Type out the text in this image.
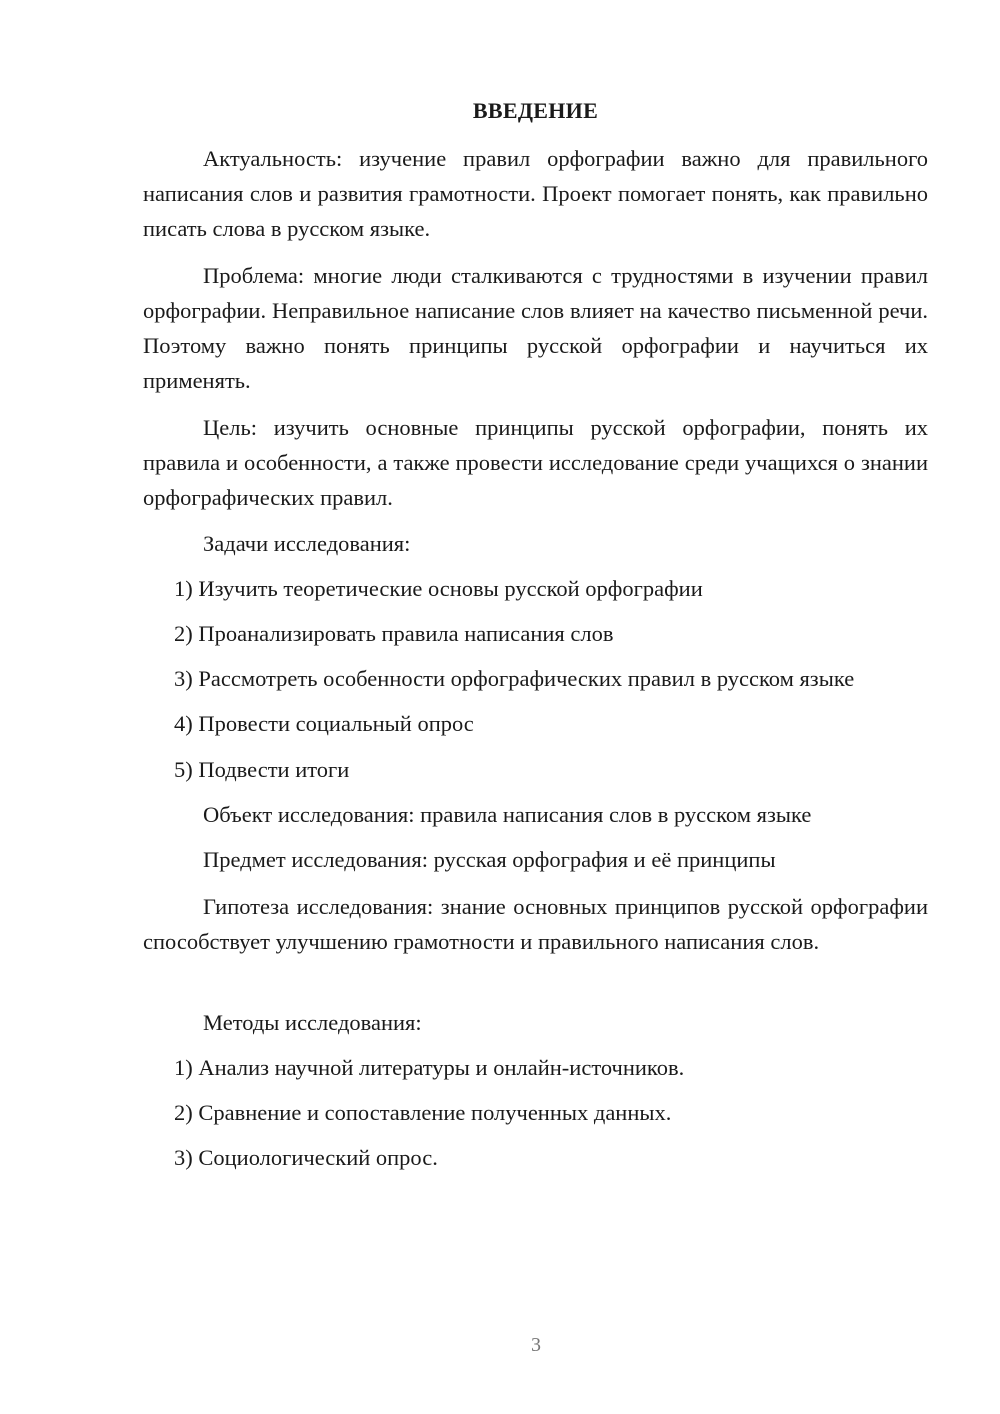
ВВЕДЕНИЕ

Актуальность: изучение правил орфографии важно для правильного написания слов и развития грамотности. Проект помогает понять, как правильно писать слова в русском языке.

Проблема: многие люди сталкиваются с трудностями в изучении правил орфографии. Неправильное написание слов влияет на качество письменной речи. Поэтому важно понять принципы русской орфографии и научиться их применять.

Цель: изучить основные принципы русской орфографии, понять их правила и особенности, а также провести исследование среди учащихся о знании орфографических правил.

Задачи исследования:

1) Изучить теоретические основы русской орфографии

2) Проанализировать правила написания слов

3) Рассмотреть особенности орфографических правил в русском языке

4) Провести социальный опрос

5) Подвести итоги

Объект исследования: правила написания слов в русском языке

Предмет исследования: русская орфография и её принципы

Гипотеза исследования: знание основных принципов русской орфографии способствует улучшению грамотности и правильного написания слов.

Методы исследования:

1) Анализ научной литературы и онлайн-источников.

2) Сравнение и сопоставление полученных данных.

3) Социологический опрос.

3
